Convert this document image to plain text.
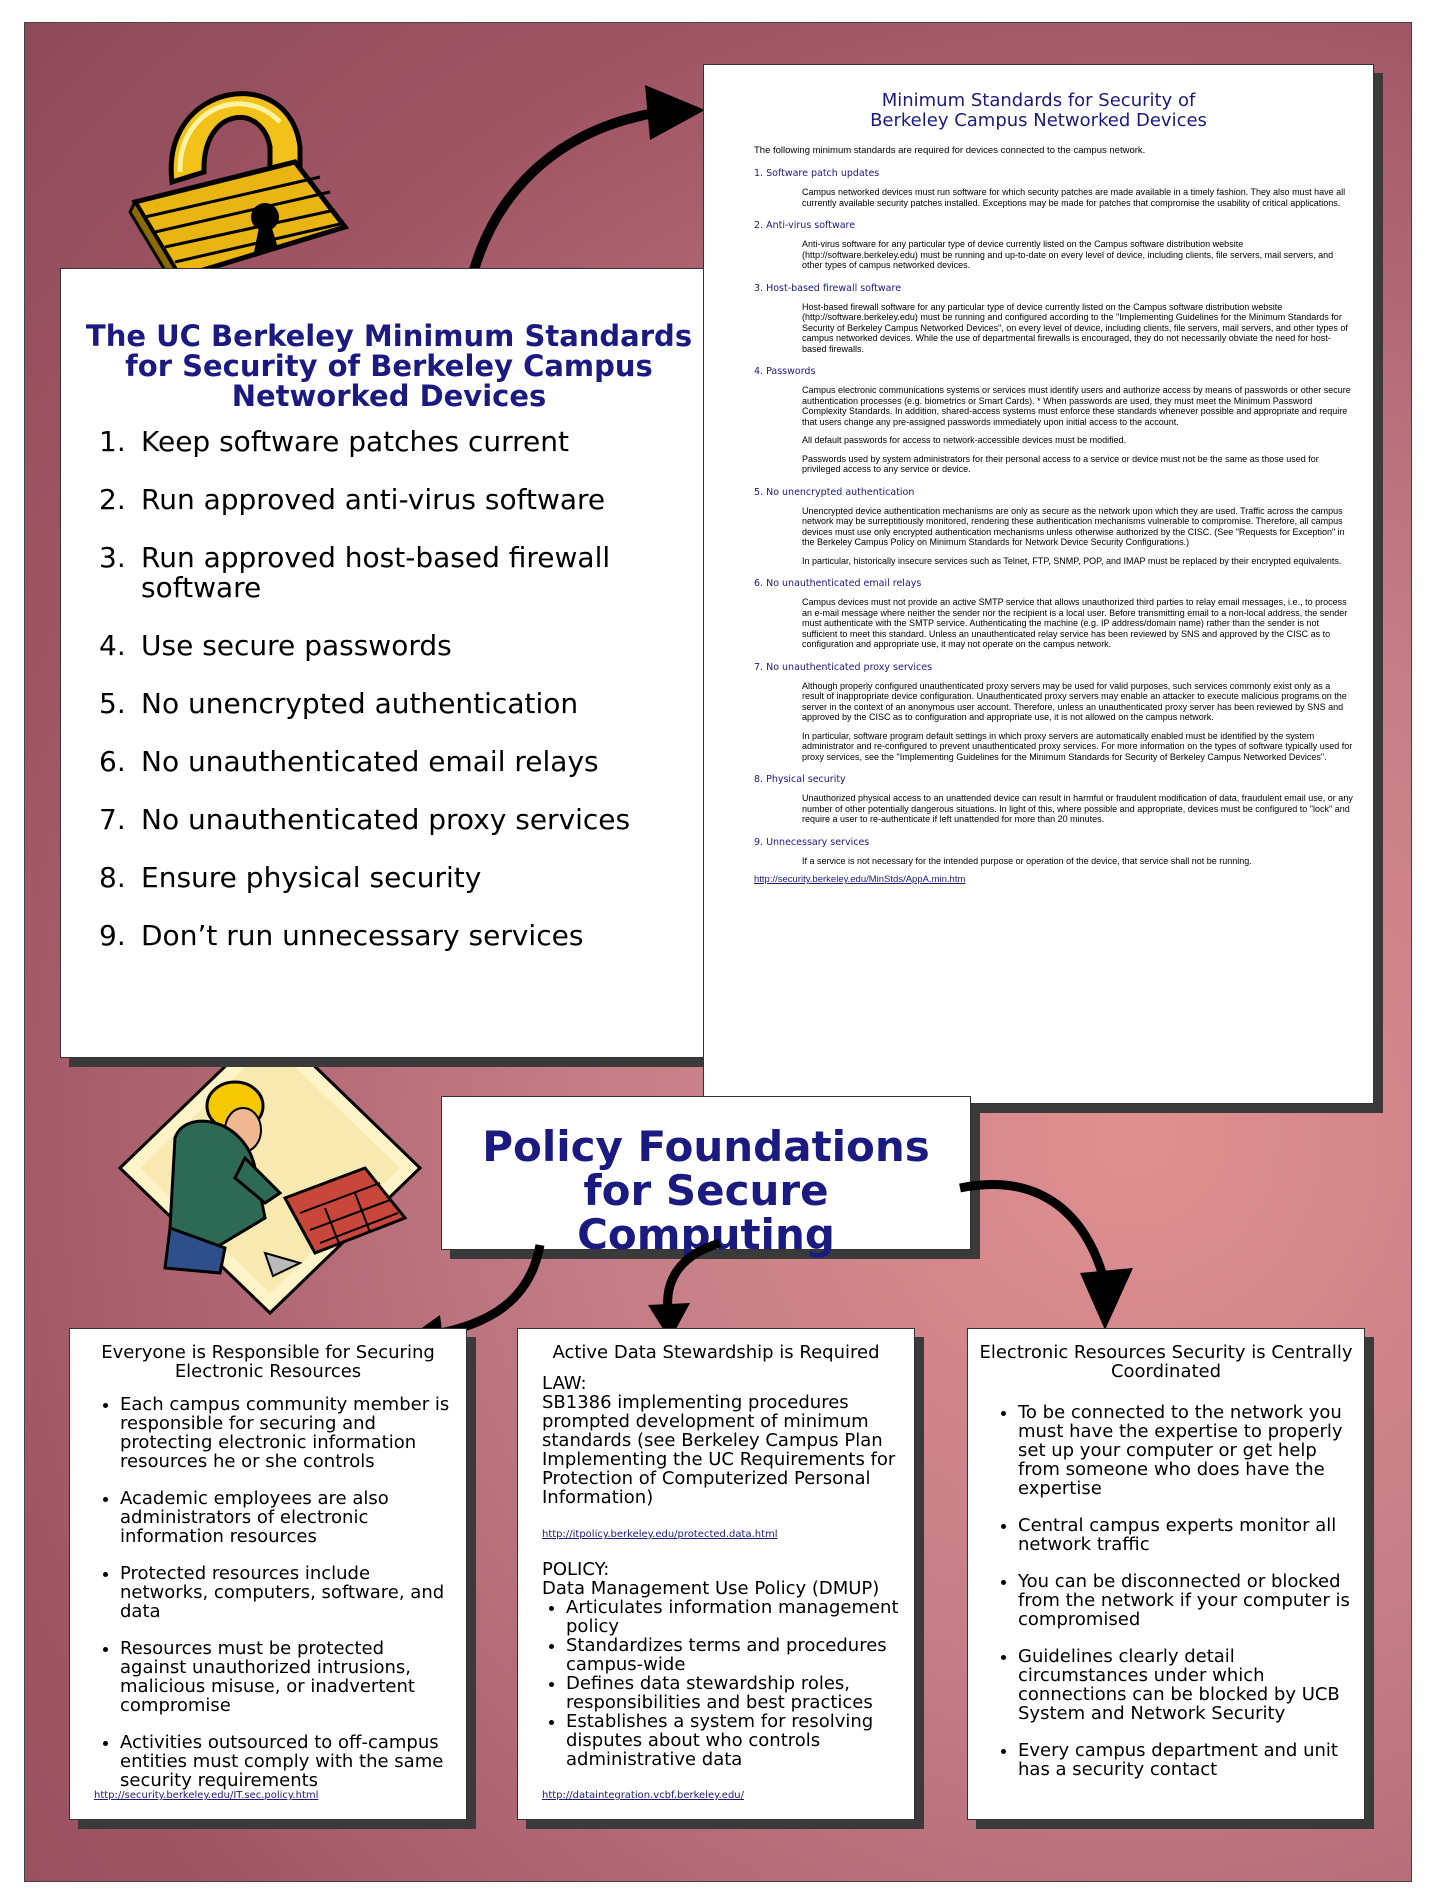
The UC Berkeley Minimum Standards for Security of Berkeley Campus Networked Devices
1. Keep software patches current
2. Run approved anti-virus software
3. Run approved host-based firewall software
4. Use secure passwords
5. No unencrypted authentication
6. No unauthenticated email relays
7. No unauthenticated proxy services
8. Ensure physical security
9. Don’t run unnecessary services
Minimum Standards for Security of Berkeley Campus Networked Devices
The following minimum standards are required for devices connected to the campus network.
1. Software patch updates

Campus networked devices must run software for which security patches are made available in a timely fashion. They also must have all currently available security patches installed. Exceptions may be made for patches that compromise the usability of critical applications.

2. Anti-virus software

Anti-virus software for any particular type of device currently listed on the Campus software distribution website (http://software.berkeley.edu) must be running and up-to-date on every level of device, including clients, file servers, mail servers, and other types of campus networked devices.

3. Host-based firewall software

Host-based firewall software for any particular type of device currently listed on the Campus software distribution website (http://software.berkeley.edu) must be running and configured according to the "Implementing Guidelines for the Minimum Standards for Security of Berkeley Campus Networked Devices", on every level of device, including clients, file servers, mail servers, and other types of campus networked devices. While the use of departmental firewalls is encouraged, they do not necessarily obviate the need for host-based firewalls.

4. Passwords

Campus electronic communications systems or services must identify users and authorize access by means of passwords or other secure authentication processes (e.g. biometrics or Smart Cards). * When passwords are used, they must meet the Minimum Password Complexity Standards. In addition, shared-access systems must enforce these standards whenever possible and appropriate and require that users change any pre-assigned passwords immediately upon initial access to the account.

All default passwords for access to network-accessible devices must be modified.

Passwords used by system administrators for their personal access to a service or device must not be the same as those used for privileged access to any service or device.

5. No unencrypted authentication

Unencrypted device authentication mechanisms are only as secure as the network upon which they are used. Traffic across the campus network may be surreptitiously monitored, rendering these authentication mechanisms vulnerable to compromise. Therefore, all campus devices must use only encrypted authentication mechanisms unless otherwise authorized by the CISC. (See "Requests for Exception" in the Berkeley Campus Policy on Minimum Standards for Network Device Security Configurations.)

In particular, historically insecure services such as Telnet, FTP, SNMP, POP, and IMAP must be replaced by their encrypted equivalents.

6. No unauthenticated email relays

Campus devices must not provide an active SMTP service that allows unauthorized third parties to relay email messages, i.e., to process an e-mail message where neither the sender nor the recipient is a local user. Before transmitting email to a non-local address, the sender must authenticate with the SMTP service. Authenticating the machine (e.g. IP address/domain name) rather than the sender is not sufficient to meet this standard. Unless an unauthenticated relay service has been reviewed by SNS and approved by the CISC as to configuration and appropriate use, it may not operate on the campus network.

7. No unauthenticated proxy services

Although properly configured unauthenticated proxy servers may be used for valid purposes, such services commonly exist only as a result of inappropriate device configuration. Unauthenticated proxy servers may enable an attacker to execute malicious programs on the server in the context of an anonymous user account. Therefore, unless an unauthenticated proxy server has been reviewed by SNS and approved by the CISC as to configuration and appropriate use, it is not allowed on the campus network.

In particular, software program default settings in which proxy servers are automatically enabled must be identified by the system administrator and re-configured to prevent unauthenticated proxy services. For more information on the types of software typically used for proxy services, see the "Implementing Guidelines for the Minimum Standards for Security of Berkeley Campus Networked Devices".

8. Physical security

Unauthorized physical access to an unattended device can result in harmful or fraudulent modification of data, fraudulent email use, or any number of other potentially dangerous situations. In light of this, where possible and appropriate, devices must be configured to "lock" and require a user to re-authenticate if left unattended for more than 20 minutes.

9. Unnecessary services

If a service is not necessary for the intended purpose or operation of the device, that service shall not be running.

http://security.berkeley.edu/MinStds/AppA.min.htm
Policy Foundations for Secure Computing
Everyone is Responsible for Securing Electronic Resources
• Each campus community member is responsible for securing and protecting electronic information resources he or she controls
• Academic employees are also administrators of electronic information resources
• Protected resources include networks, computers, software, and data
• Resources must be protected against unauthorized intrusions, malicious misuse, or inadvertent compromise
• Activities outsourced to off-campus entities must comply with the same security requirements
http://security.berkeley.edu/IT.sec.policy.html
Active Data Stewardship is Required

LAW:

SB1386 implementing procedures prompted development of minimum standards (see Berkeley Campus Plan Implementing the UC Requirements for Protection of Computerized Personal Information)

http://itpolicy.berkeley.edu/protected.data.html

POLICY:

Data Management Use Policy (DMUP)

• Articulates information management policy
• Standardizes terms and procedures campus-wide
• Defines data stewardship roles, responsibilities and best practices
• Establishes a system for resolving disputes about who controls administrative data
http://dataintegration.vcbf.berkeley.edu/
Electronic Resources Security is Centrally Coordinated
• To be connected to the network you must have the expertise to properly set up your computer or get help from someone who does have the expertise
• Central campus experts monitor all network traffic
• You can be disconnected or blocked from the network if your computer is compromised
• Guidelines clearly detail circumstances under which connections can be blocked by UCB System and Network Security
• Every campus department and unit has a security contact
